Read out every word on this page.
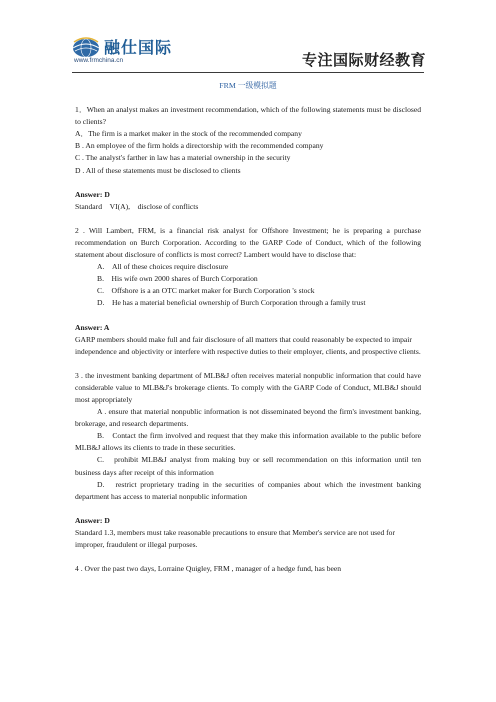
融仕国际
www.frmchina.cn	专注国际财经教育
FRM 一级模拟题

1．When an analyst makes an investment recommendation, which of the following statements must be disclosed to clients?

A．The firm is a market maker in the stock of the recommended company

B . An employee of the firm holds a directorship with the recommended company

C . The analyst's farther in law has a material ownership in the security

D . All of these statements must be disclosed to clients

Answer: D

Standard　VI(A),　disclose of conflicts

2 . Will Lambert, FRM, is a financial risk analyst for Offshore Investment; he is preparing a purchase recommendation on Burch Corporation. According to the GARP Code of Conduct, which of the following statement about disclosure of conflicts is most correct? Lambert would have to disclose that:

A.　All of these choices require disclosure

B.　His wife own 2000 shares of Burch Corporation

C.　Offshore is a an OTC market maker for Burch Corporation 's stock

D.　He has a material beneficial ownership of Burch Corporation through a family trust

Answer: A

GARP members should make full and fair disclosure of all matters that could reasonably be expected to impair independence and objectivity or interfere with respective duties to their employer, clients, and prospective clients.

3 . the investment banking department of MLB&J often receives material nonpublic information that could have considerable value to MLB&J's brokerage clients. To comply with the GARP Code of Conduct, MLB&J should most appropriately

A . ensure that material nonpublic information is not disseminated beyond the firm's investment banking, brokerage, and research departments.

B.　Contact the firm involved and request that they make this information available to the public before MLB&J allows its clients to trade in these securities.

C.　prohibit MLB&J analyst from making buy or sell recommendation on this information until ten business days after receipt of this information

D.　restrict proprietary trading in the securities of companies about which the investment banking department has access to material nonpublic information

Answer: D

Standard 1.3, members must take reasonable precautions to ensure that Member's service are not used for improper, fraudulent or illegal purposes.

4 . Over the past two days, Lorraine Quigley, FRM , manager of a hedge fund, has been
